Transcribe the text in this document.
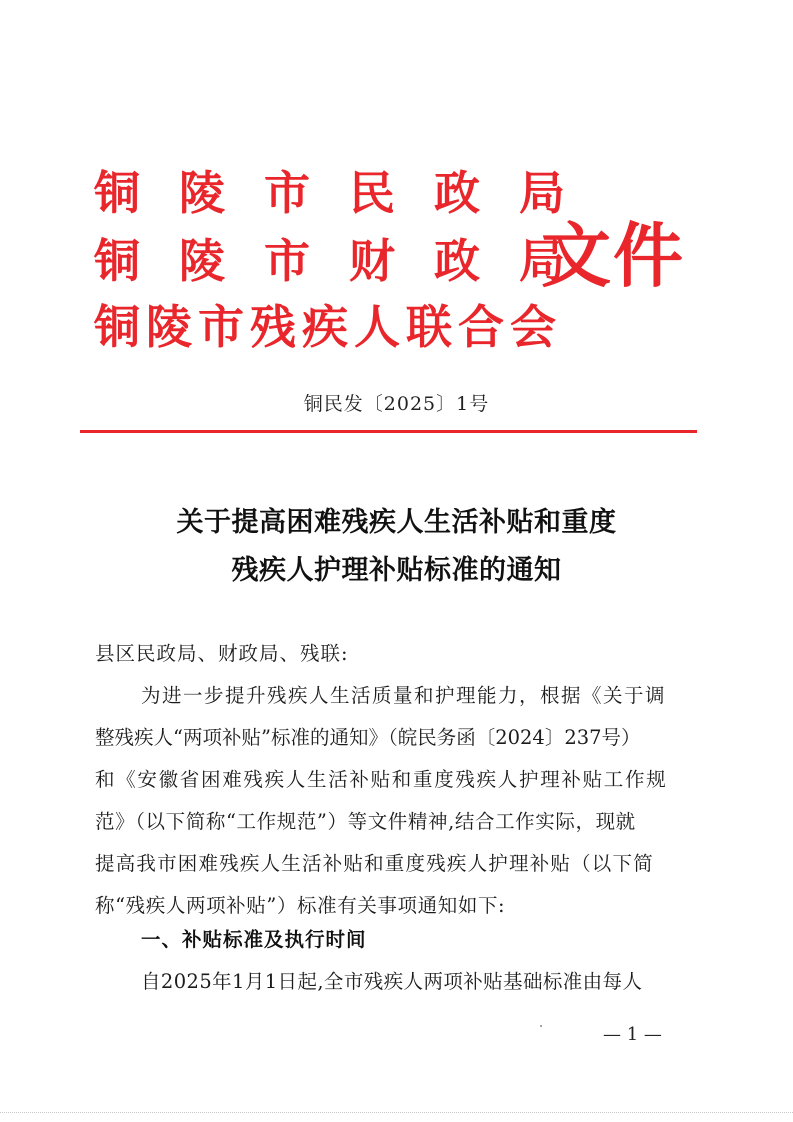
铜陵市民政局
铜陵市财政局
铜陵市残疾人联合会
文件
铜民发〔2025〕1号
关于提高困难残疾人生活补贴和重度
残疾人护理补贴标准的通知
县区民政局、财政局、残联:
为进一步提升残疾人生活质量和护理能力，根据《关于调
整残疾人“两项补贴”标准的通知》（皖民务函〔2024〕237号）
和《安徽省困难残疾人生活补贴和重度残疾人护理补贴工作规
范》（以下简称“工作规范”）等文件精神,结合工作实际，现就
提高我市困难残疾人生活补贴和重度残疾人护理补贴（以下简
称“残疾人两项补贴”）标准有关事项通知如下:
一、补贴标准及执行时间
自2025年1月1日起,全市残疾人两项补贴基础标准由每人
— 1 —
